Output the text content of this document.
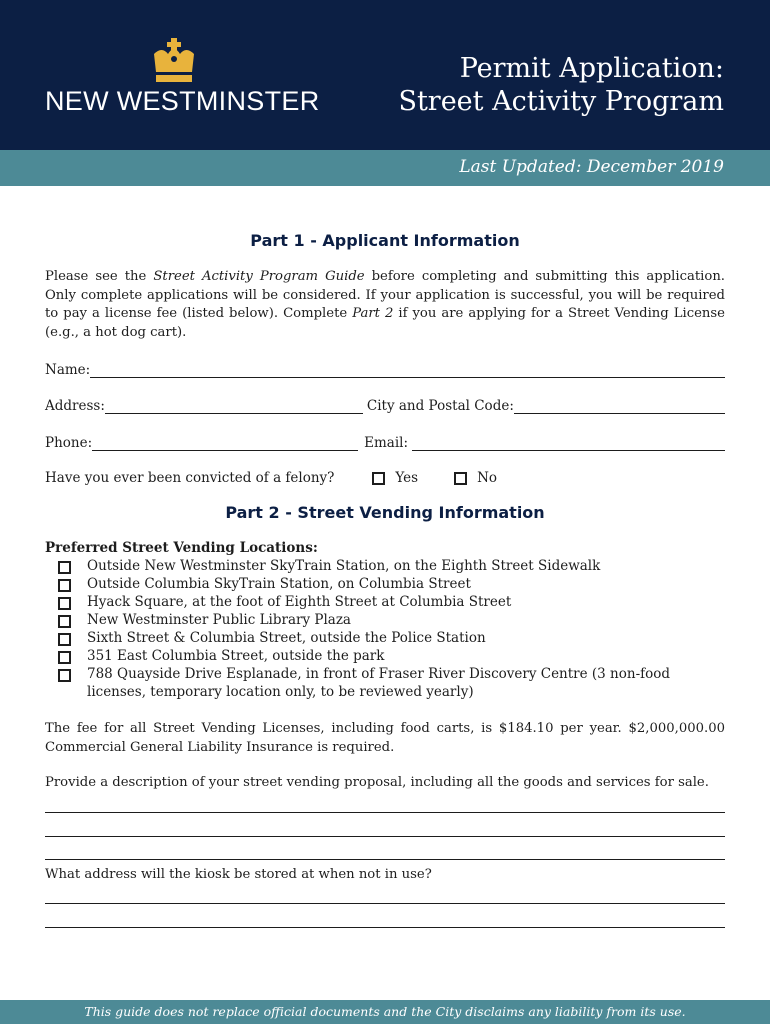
NEW WESTMINSTER
Permit Application:
Street Activity Program
Last Updated: December 2019
Part 1 - Applicant Information
Please see the Street Activity Program Guide before completing and submitting this application. Only complete applications will be considered. If your application is successful, you will be required to pay a license fee (listed below). Complete Part 2 if you are applying for a Street Vending License (e.g., a hot dog cart).
Name:
Address:	City and Postal Code:
Phone:	Email:
Have you ever been convicted of a felony?	Yes	No
Part 2 - Street Vending Information
Preferred Street Vending Locations:
Outside New Westminster SkyTrain Station, on the Eighth Street Sidewalk
Outside Columbia SkyTrain Station, on Columbia Street
Hyack Square, at the foot of Eighth Street at Columbia Street
New Westminster Public Library Plaza
Sixth Street & Columbia Street, outside the Police Station
351 East Columbia Street, outside the park
788 Quayside Drive Esplanade, in front of Fraser River Discovery Centre (3 non-food licenses, temporary location only, to be reviewed yearly)
The fee for all Street Vending Licenses, including food carts, is $184.10 per year. $2,000,000.00 Commercial General Liability Insurance is required.
Provide a description of your street vending proposal, including all the goods and services for sale.
What address will the kiosk be stored at when not in use?
This guide does not replace official documents and the City disclaims any liability from its use.
